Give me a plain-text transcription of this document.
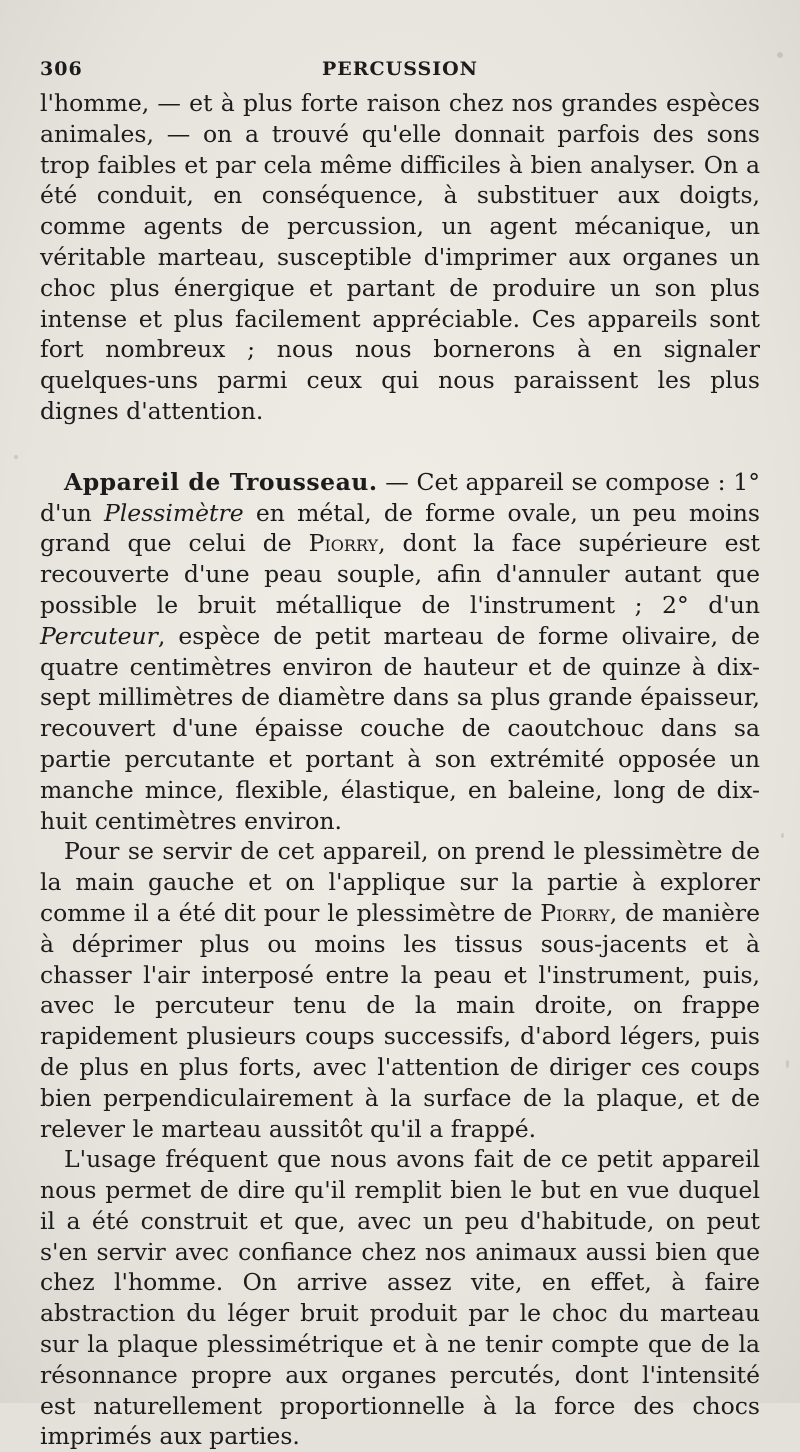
306	PERCUSSION

l'homme, — et à plus forte raison chez nos grandes espèces animales, — on a trouvé qu'elle donnait parfois des sons trop faibles et par cela même difficiles à bien analyser. On a été conduit, en conséquence, à substituer aux doigts, comme agents de percussion, un agent mécanique, un véritable marteau, susceptible d'imprimer aux organes un choc plus énergique et partant de produire un son plus intense et plus facilement appréciable. Ces appareils sont fort nombreux ; nous nous bornerons à en signaler quelques-uns parmi ceux qui nous paraissent les plus dignes d'attention.

Appareil de Trousseau. — Cet appareil se compose : 1° d'un Plessimètre en métal, de forme ovale, un peu moins grand que celui de Piorry, dont la face supérieure est recouverte d'une peau souple, afin d'annuler autant que possible le bruit métallique de l'instrument ; 2° d'un Percuteur, espèce de petit marteau de forme olivaire, de quatre centimètres environ de hauteur et de quinze à dix-sept millimètres de diamètre dans sa plus grande épaisseur, recouvert d'une épaisse couche de caoutchouc dans sa partie percutante et portant à son extrémité opposée un manche mince, flexible, élastique, en baleine, long de dix-huit centimètres environ.

Pour se servir de cet appareil, on prend le plessimètre de la main gauche et on l'applique sur la partie à explorer comme il a été dit pour le plessimètre de Piorry, de manière à déprimer plus ou moins les tissus sous-jacents et à chasser l'air interposé entre la peau et l'instrument, puis, avec le percuteur tenu de la main droite, on frappe rapidement plusieurs coups successifs, d'abord légers, puis de plus en plus forts, avec l'attention de diriger ces coups bien perpendiculairement à la surface de la plaque, et de relever le marteau aussitôt qu'il a frappé.

L'usage fréquent que nous avons fait de ce petit appareil nous permet de dire qu'il remplit bien le but en vue duquel il a été construit et que, avec un peu d'habitude, on peut s'en servir avec confiance chez nos animaux aussi bien que chez l'homme. On arrive assez vite, en effet, à faire abstraction du léger bruit produit par le choc du marteau sur la plaque plessimétrique et à ne tenir compte que de la résonnance propre aux organes percutés, dont l'intensité est naturellement proportionnelle à la force des chocs imprimés aux parties.
